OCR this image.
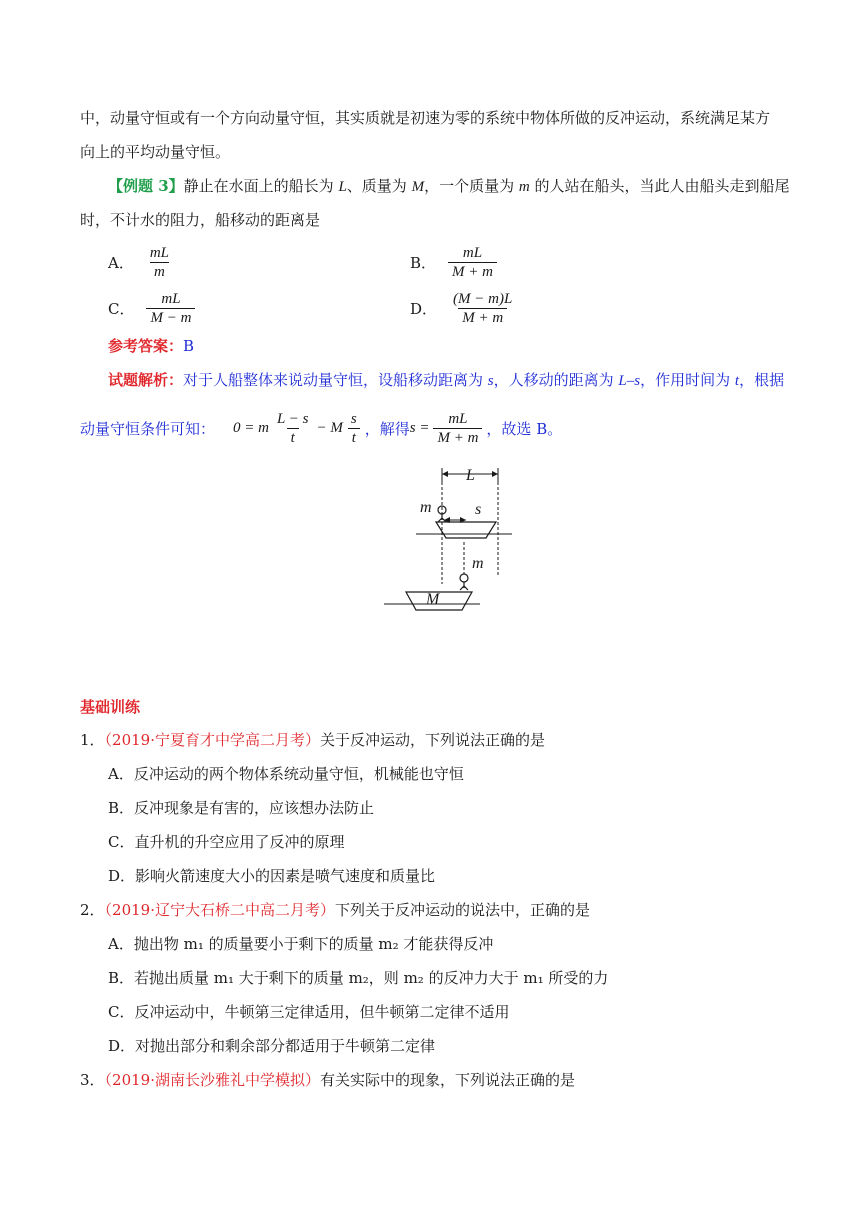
中，动量守恒或有一个方向动量守恒，其实质就是初速为零的系统中物体所做的反冲运动，系统满足某方
向上的平均动量守恒。
【例题 3】静止在水面上的船长为 L、质量为 M，一个质量为 m 的人站在船头，当此人由船头走到船尾
时，不计水的阻力，船移动的距离是
A． $\frac{mL}{m}$	B． $\frac{mL}{M + m}$
C． $\frac{mL}{M - m}$	D． $\frac{(M - m)L}{M + m}$
参考答案：B
试题解析：对于人船整体来说动量守恒，设船移动距离为 s，人移动的距离为 L–s，作用时间为 t，根据
动量守恒条件可知： 0 = m $\frac{L - s}{t} - M \frac{s}{t}$ ，解得 $s = \frac{mL}{M + m}$ ，故选 B。
L
m	s
m
M
基础训练
1．（2019·宁夏育才中学高二月考）关于反冲运动，下列说法正确的是
A．反冲运动的两个物体系统动量守恒，机械能也守恒
B．反冲现象是有害的，应该想办法防止
C．直升机的升空应用了反冲的原理
D．影响火箭速度大小的因素是喷气速度和质量比
2．（2019·辽宁大石桥二中高二月考）下列关于反冲运动的说法中，正确的是
A．抛出物 m₁ 的质量要小于剩下的质量 m₂ 才能获得反冲
B．若抛出质量 m₁ 大于剩下的质量 m₂，则 m₂ 的反冲力大于 m₁ 所受的力
C．反冲运动中，牛顿第三定律适用，但牛顿第二定律不适用
D．对抛出部分和剩余部分都适用于牛顿第二定律
3．（2019·湖南长沙雅礼中学模拟）有关实际中的现象，下列说法正确的是
